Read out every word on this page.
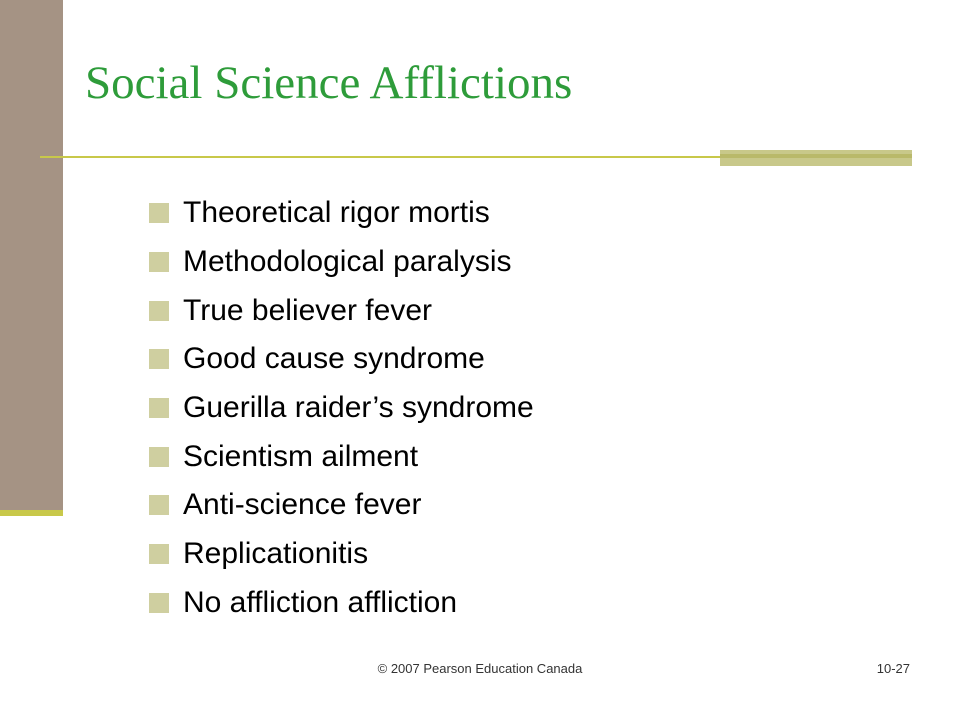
Social Science Afflictions
Theoretical rigor mortis
Methodological paralysis
True believer fever
Good cause syndrome
Guerilla raider’s syndrome
Scientism ailment
Anti-science fever
Replicationitis
No affliction affliction
© 2007 Pearson Education Canada	10-27
